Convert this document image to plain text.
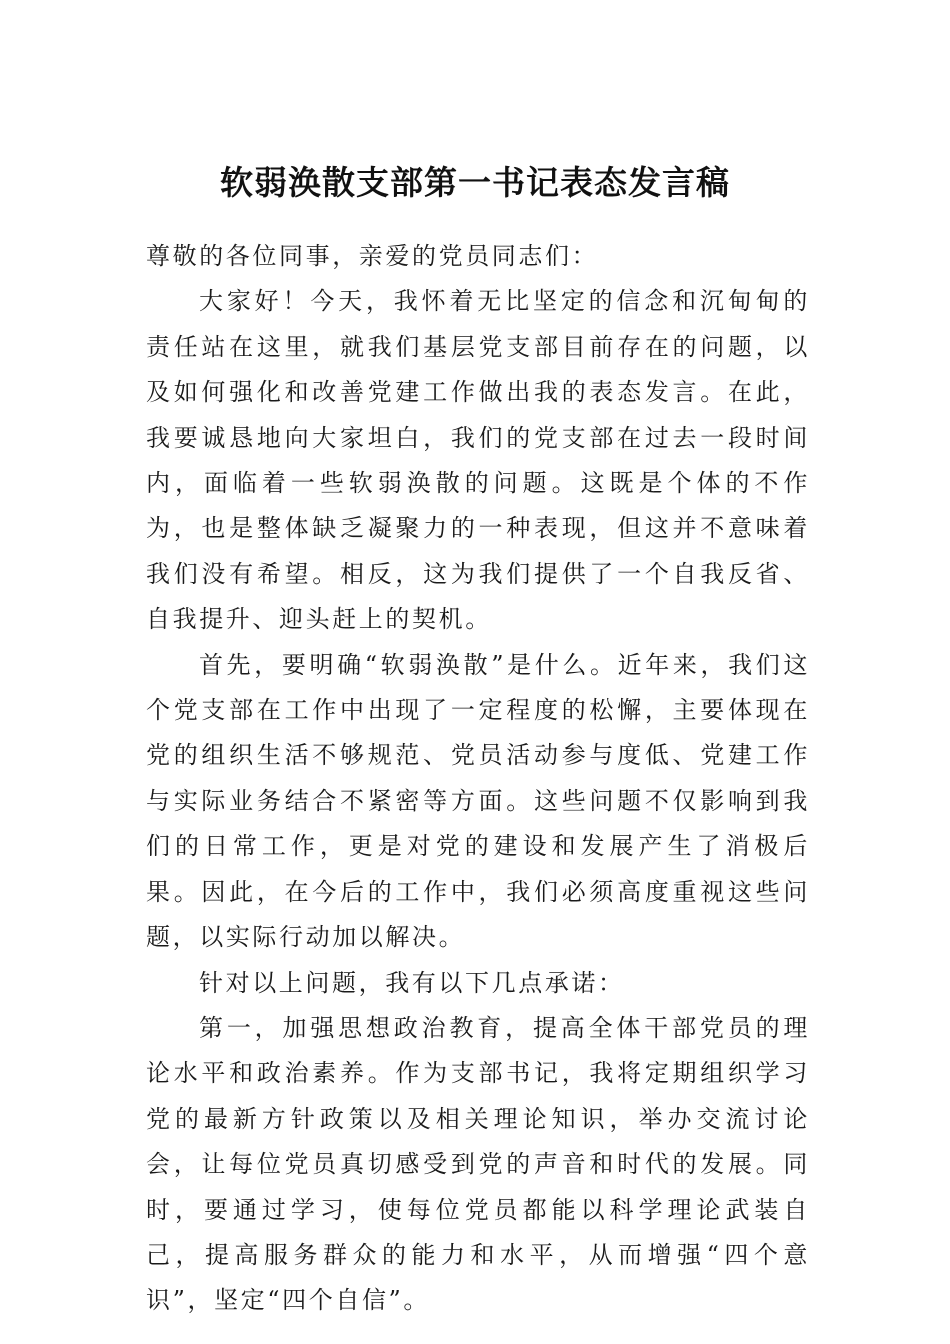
软弱涣散支部第一书记表态发言稿

尊敬的各位同事，亲爱的党员同志们：

大家好！今天，我怀着无比坚定的信念和沉甸甸的责任站在这里，就我们基层党支部目前存在的问题，以及如何强化和改善党建工作做出我的表态发言。在此，我要诚恳地向大家坦白，我们的党支部在过去一段时间内，面临着一些软弱涣散的问题。这既是个体的不作为，也是整体缺乏凝聚力的一种表现，但这并不意味着我们没有希望。相反，这为我们提供了一个自我反省、自我提升、迎头赶上的契机。

首先，要明确“软弱涣散”是什么。近年来，我们这个党支部在工作中出现了一定程度的松懈，主要体现在党的组织生活不够规范、党员活动参与度低、党建工作与实际业务结合不紧密等方面。这些问题不仅影响到我们的日常工作，更是对党的建设和发展产生了消极后果。因此，在今后的工作中，我们必须高度重视这些问题，以实际行动加以解决。

针对以上问题，我有以下几点承诺：

第一，加强思想政治教育，提高全体干部党员的理论水平和政治素养。作为支部书记，我将定期组织学习党的最新方针政策以及相关理论知识，举办交流讨论会，让每位党员真切感受到党的声音和时代的发展。同时，要通过学习，使每位党员都能以科学理论武装自己，提高服务群众的能力和水平，从而增强“四个意识”，坚定“四个自信”。
